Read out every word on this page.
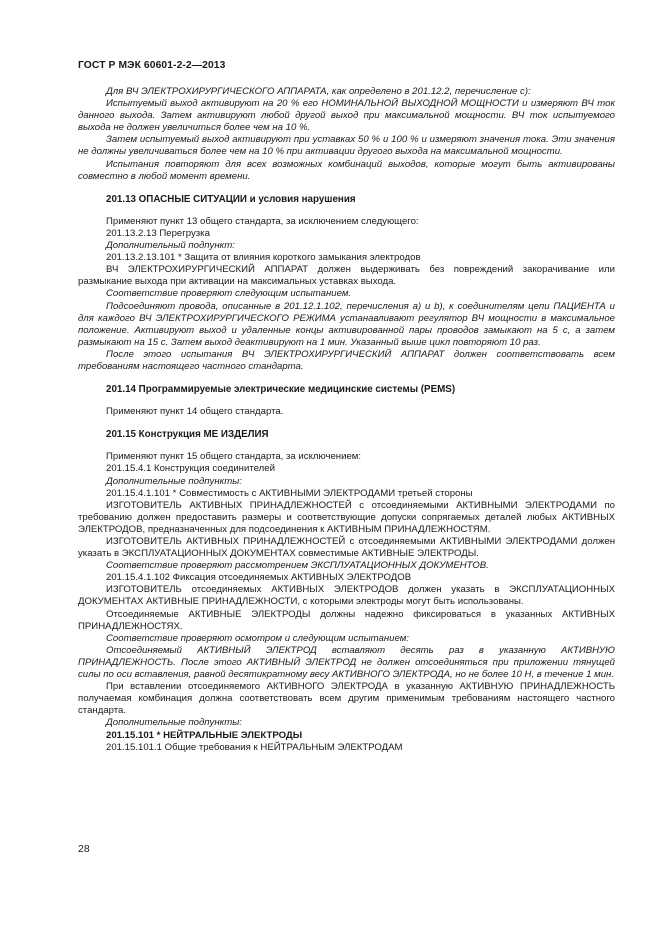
ГОСТ Р МЭК 60601-2-2—2013

Для ВЧ ЭЛЕКТРОХИРУРГИЧЕСКОГО АППАРАТА, как определено в 201.12.2, перечисление с):

Испытуемый выход активируют на 20 % его НОМИНАЛЬНОЙ ВЫХОДНОЙ МОЩНОСТИ и измеряют ВЧ ток данного выхода. Затем активируют любой другой выход при максимальной мощности. ВЧ ток испытуемого выхода не должен увеличиться более чем на 10 %.

Затем испытуемый выход активируют при уставках 50 % и 100 % и измеряют значения тока. Эти значения не должны увеличиваться более чем на 10 % при активации другого выхода на максимальной мощности.

Испытания повторяют для всех возможных комбинаций выходов, которые могут быть активированы совместно в любой момент времени.

201.13 ОПАСНЫЕ СИТУАЦИИ и условия нарушения

Применяют пункт 13 общего стандарта, за исключением следующего:

201.13.2.13 Перегрузка

Дополнительный подпункт:

201.13.2.13.101 * Защита от влияния короткого замыкания электродов

ВЧ ЭЛЕКТРОХИРУРГИЧЕСКИЙ АППАРАТ должен выдерживать без повреждений закорачивание или размыкание выхода при активации на максимальных уставках выхода.

Соответствие проверяют следующим испытанием.

Подсоединяют провода, описанные в 201.12.1.102, перечисления а) и b), к соединителям цепи ПАЦИЕНТА и для каждого ВЧ ЭЛЕКТРОХИРУРГИЧЕСКОГО РЕЖИМА устанавливают регулятор ВЧ мощности в максимальное положение. Активируют выход и удаленные концы активированной пары проводов замыкают на 5 с, а затем размыкают на 15 с. Затем выход деактивируют на 1 мин. Указанный выше цикл повторяют 10 раз.

После этого испытания ВЧ ЭЛЕКТРОХИРУРГИЧЕСКИЙ АППАРАТ должен соответствовать всем требованиям настоящего частного стандарта.

201.14 Программируемые электрические медицинские системы (PEMS)

Применяют пункт 14 общего стандарта.

201.15 Конструкция МЕ ИЗДЕЛИЯ

Применяют пункт 15 общего стандарта, за исключением:

201.15.4.1 Конструкция соединителей

Дополнительные подпункты:

201.15.4.1.101 * Совместимость с АКТИВНЫМИ ЭЛЕКТРОДАМИ третьей стороны

ИЗГОТОВИТЕЛЬ АКТИВНЫХ ПРИНАДЛЕЖНОСТЕЙ с отсоединяемыми АКТИВНЫМИ ЭЛЕКТРОДАМИ по требованию должен предоставить размеры и соответствующие допуски сопрягаемых деталей любых АКТИВНЫХ ЭЛЕКТРОДОВ, предназначенных для подсоединения к АКТИВНЫМ ПРИНАДЛЕЖНОСТЯМ.

ИЗГОТОВИТЕЛЬ АКТИВНЫХ ПРИНАДЛЕЖНОСТЕЙ с отсоединяемыми АКТИВНЫМИ ЭЛЕКТРОДАМИ должен указать в ЭКСПЛУАТАЦИОННЫХ ДОКУМЕНТАХ совместимые АКТИВНЫЕ ЭЛЕКТРОДЫ.

Соответствие проверяют рассмотрением ЭКСПЛУАТАЦИОННЫХ ДОКУМЕНТОВ.

201.15.4.1.102 Фиксация отсоединяемых АКТИВНЫХ ЭЛЕКТРОДОВ

ИЗГОТОВИТЕЛЬ отсоединяемых АКТИВНЫХ ЭЛЕКТРОДОВ должен указать в ЭКСПЛУАТАЦИОННЫХ ДОКУМЕНТАХ АКТИВНЫЕ ПРИНАДЛЕЖНОСТИ, с которыми электроды могут быть использованы.

Отсоединяемые АКТИВНЫЕ ЭЛЕКТРОДЫ должны надежно фиксироваться в указанных АКТИВНЫХ ПРИНАДЛЕЖНОСТЯХ.

Соответствие проверяют осмотром и следующим испытанием:

Отсоединяемый АКТИВНЫЙ ЭЛЕКТРОД вставляют десять раз в указанную АКТИВНУЮ ПРИНАДЛЕЖНОСТЬ. После этого АКТИВНЫЙ ЭЛЕКТРОД не должен отсоединяться при приложении тянущей силы по оси вставления, равной десятикратному весу АКТИВНОГО ЭЛЕКТРОДА, но не более 10 Н, в течение 1 мин.

При вставлении отсоединяемого АКТИВНОГО ЭЛЕКТРОДА в указанную АКТИВНУЮ ПРИНАДЛЕЖНОСТЬ получаемая комбинация должна соответствовать всем другим применимым требованиям настоящего частного стандарта.

Дополнительные подпункты:

201.15.101 * НЕЙТРАЛЬНЫЕ ЭЛЕКТРОДЫ

201.15.101.1 Общие требования к НЕЙТРАЛЬНЫМ ЭЛЕКТРОДАМ

28
